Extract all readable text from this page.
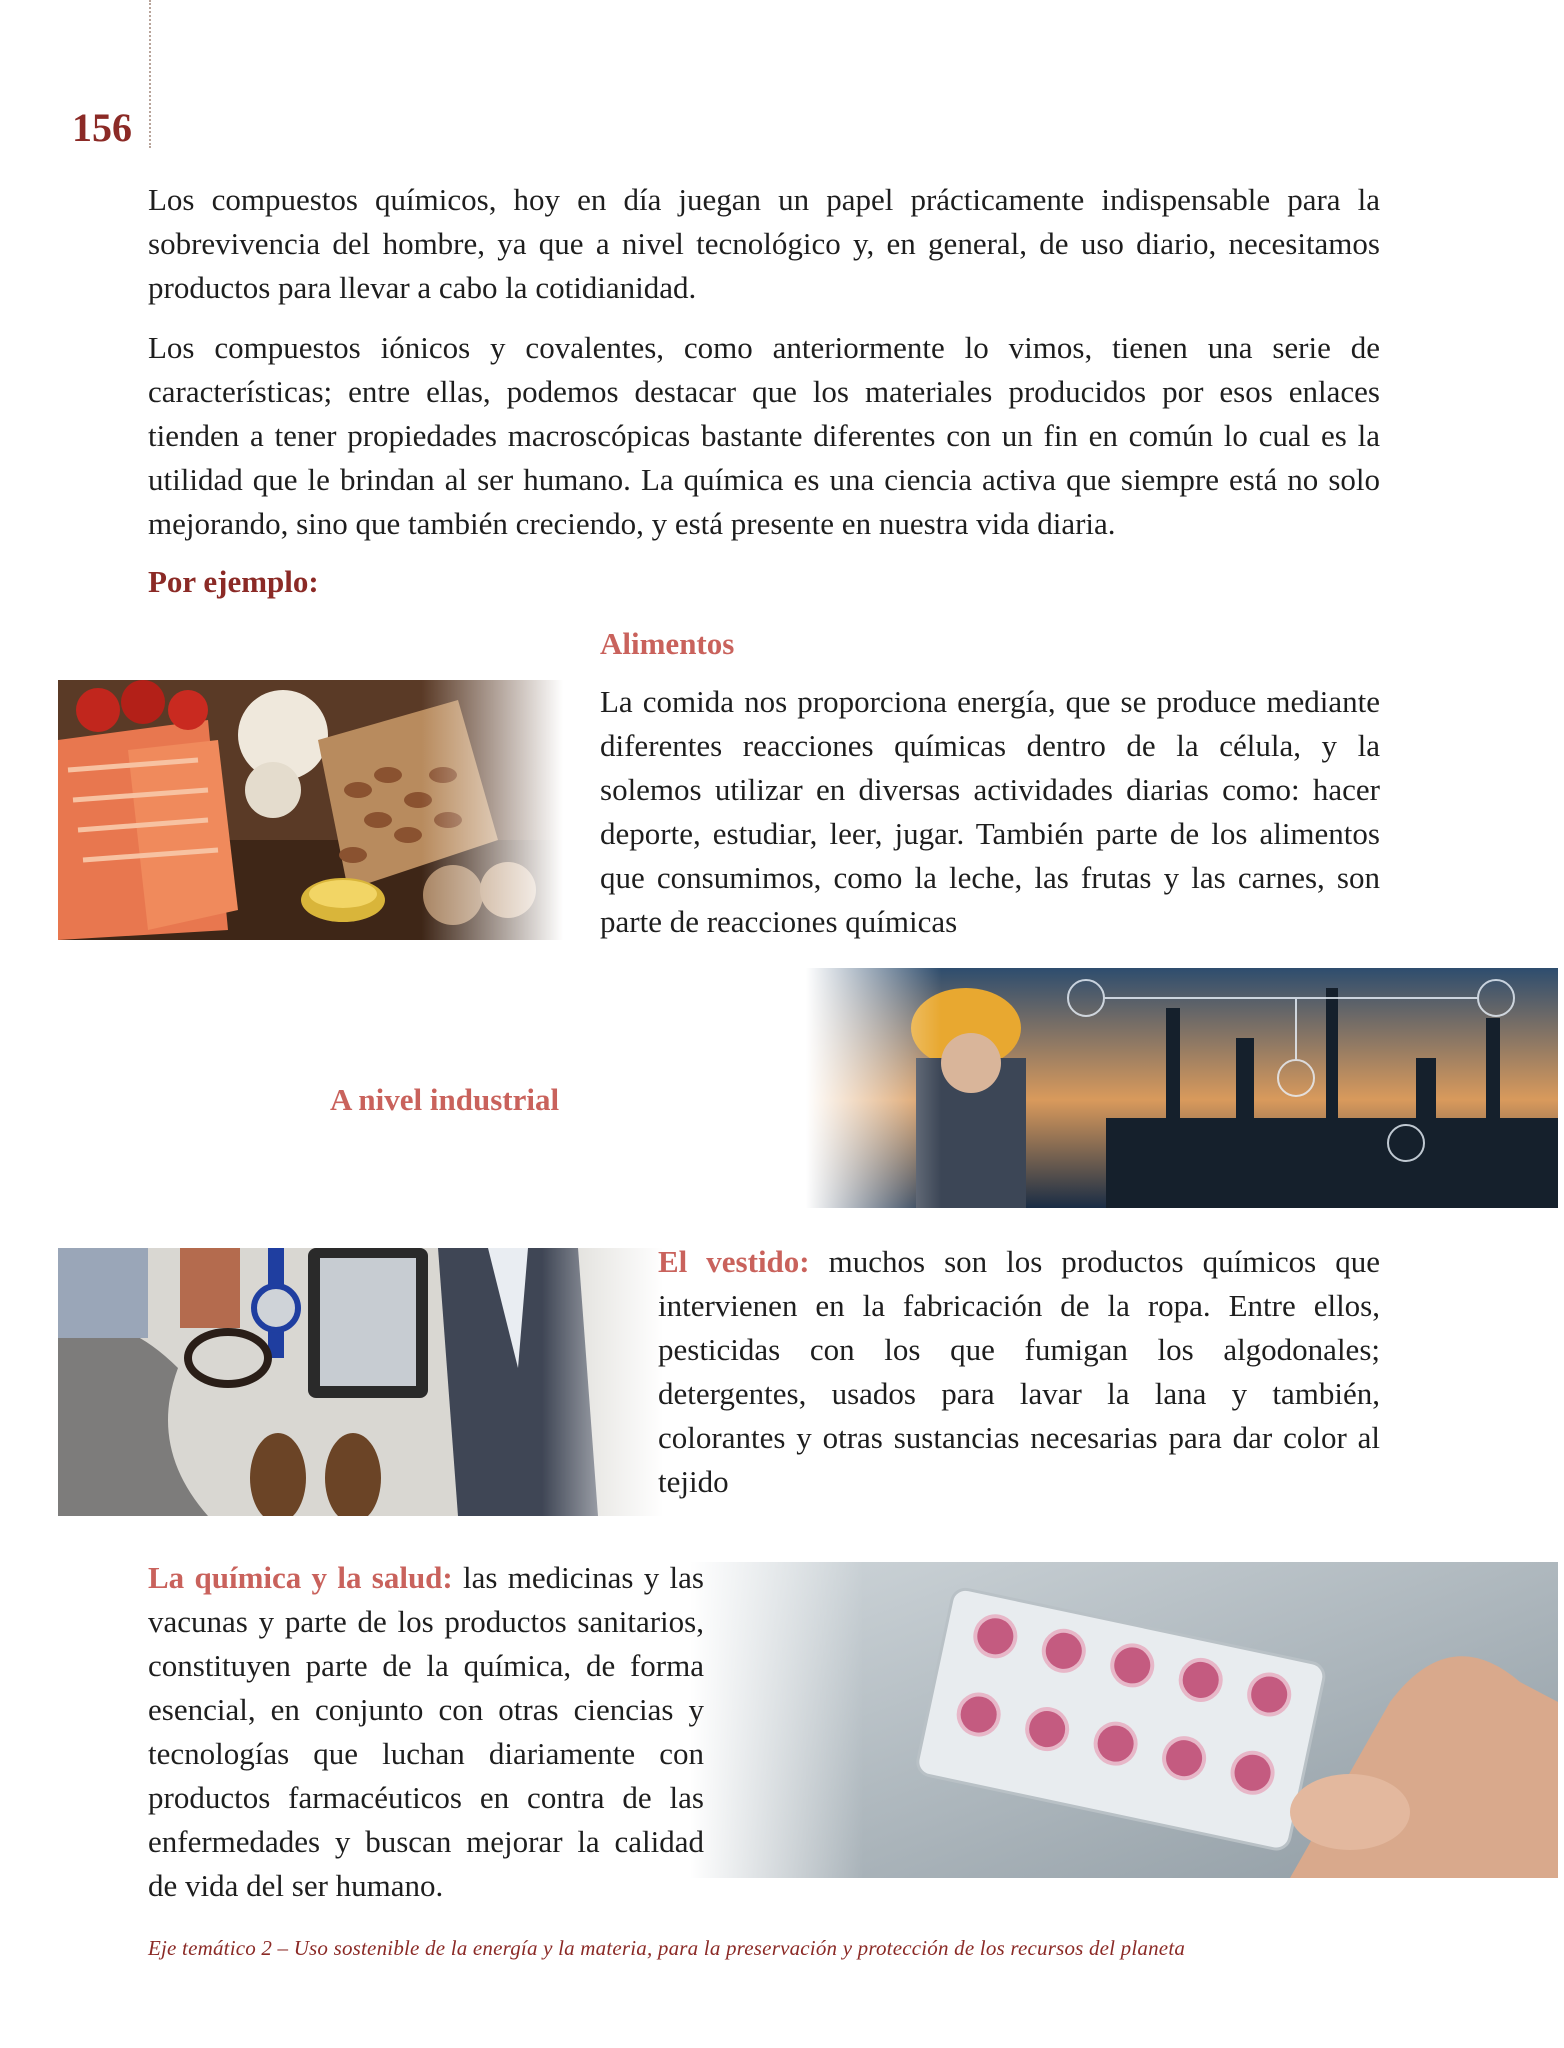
156

Los compuestos químicos, hoy en día juegan un papel prácticamente indispensable para la sobrevivencia del hombre, ya que a nivel tecnológico y, en general, de uso diario, necesitamos productos para llevar a cabo la cotidianidad.

Los compuestos iónicos y covalentes, como anteriormente lo vimos, tienen una serie de características; entre ellas, podemos destacar que los materiales producidos por esos enlaces tienden a tener propiedades macroscópicas bastante diferentes con un fin en común lo cual es la utilidad que le brindan al ser humano. La química es una ciencia activa que siempre está no solo mejorando, sino que también creciendo, y está presente en nuestra vida diaria.

Por ejemplo:
Alimentos

La comida nos proporciona energía, que se produce mediante diferentes reacciones químicas dentro de la célula, y la solemos utilizar en diversas actividades diarias como: hacer deporte, estudiar, leer, jugar. También parte de los alimentos que consumimos, como la leche, las frutas y las carnes, son parte de reacciones químicas

A nivel industrial

El vestido: muchos son los productos químicos que intervienen en la fabricación de la ropa. Entre ellos, pesticidas con los que fumigan los algodonales; detergentes, usados para lavar la lana y también, colorantes y otras sustancias necesarias para dar color al tejido

La química y la salud: las medicinas y las vacunas y parte de los productos sanitarios, constituyen parte de la química, de forma esencial, en conjunto con otras ciencias y tecnologías que luchan diariamente con productos farmacéuticos en contra de las enfermedades y buscan mejorar la calidad de vida del ser humano.

Eje temático 2 – Uso sostenible de la energía y la materia, para la preservación y protección de los recursos del planeta
